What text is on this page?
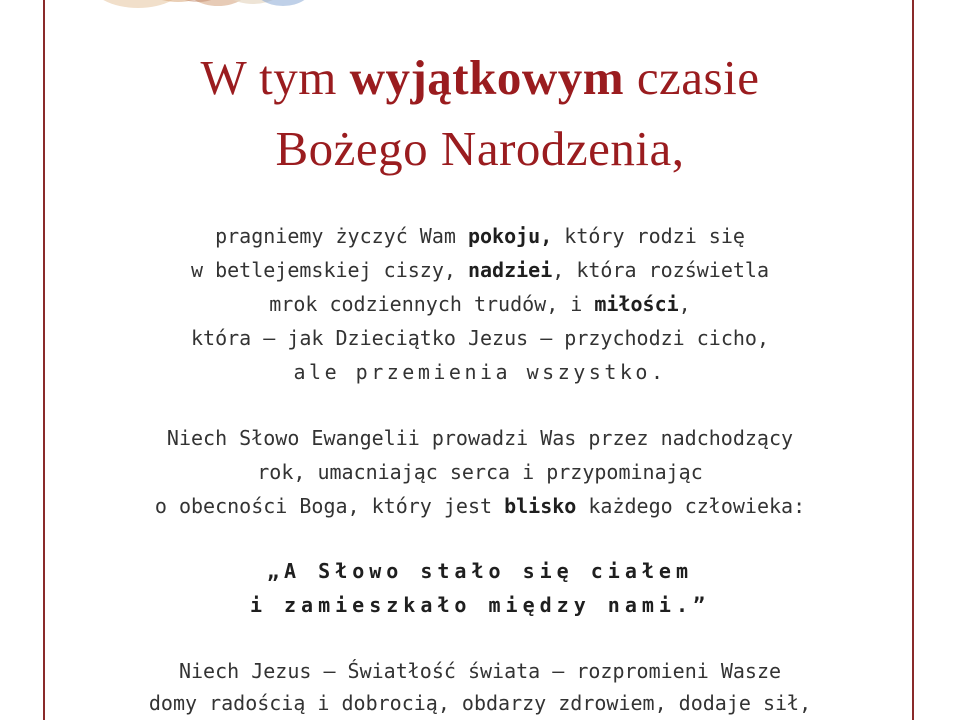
W tym wyjątkowym czasie
Bożego Narodzenia,
pragniemy życzyć Wam pokoju, który rodzi się
w betlejemskiej ciszy, nadziei, która rozświetla
mrok codziennych trudów, i miłości,
która – jak Dzieciątko Jezus – przychodzi cicho,
ale przemienia wszystko.
Niech Słowo Ewangelii prowadzi Was przez nadchodzący
rok, umacniając serca i przypominając
o obecności Boga, który jest blisko każdego człowieka:
„A Słowo stało się ciałem
i zamieszkało między nami.”
Niech Jezus – Światłość świata – rozpromieni Wasze
domy radością i dobrocią, obdarzy zdrowiem, dodaje sił,
